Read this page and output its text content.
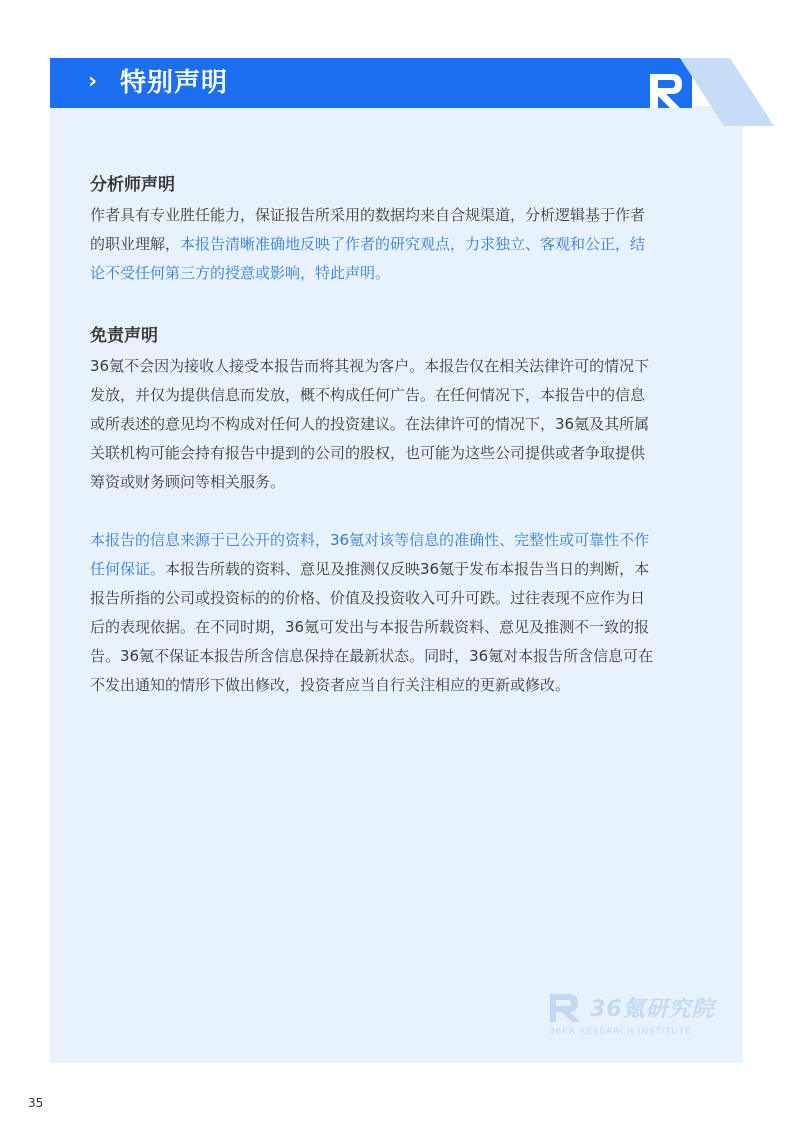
› 特别声明
分析师声明
作者具有专业胜任能力，保证报告所采用的数据均来自合规渠道，分析逻辑基于作者
的职业理解，本报告清晰准确地反映了作者的研究观点，力求独立、客观和公正，结
论不受任何第三方的授意或影响，特此声明。
免责声明
36氪不会因为接收人接受本报告而将其视为客户。本报告仅在相关法律许可的情况下
发放，并仅为提供信息而发放，概不构成任何广告。在任何情况下，本报告中的信息
或所表述的意见均不构成对任何人的投资建议。在法律许可的情况下，36氪及其所属
关联机构可能会持有报告中提到的公司的股权，也可能为这些公司提供或者争取提供
筹资或财务顾问等相关服务。
本报告的信息来源于已公开的资料，36氪对该等信息的准确性、完整性或可靠性不作
任何保证。本报告所载的资料、意见及推测仅反映36氪于发布本报告当日的判断，本
报告所指的公司或投资标的的价格、价值及投资收入可升可跌。过往表现不应作为日
后的表现依据。在不同时期，36氪可发出与本报告所载资料、意见及推测不一致的报
告。36氪不保证本报告所含信息保持在最新状态。同时，36氪对本报告所含信息可在
不发出通知的情形下做出修改，投资者应当自行关注相应的更新或修改。
36氪研究院
36KR RESEARCH INSTITUTE
35
